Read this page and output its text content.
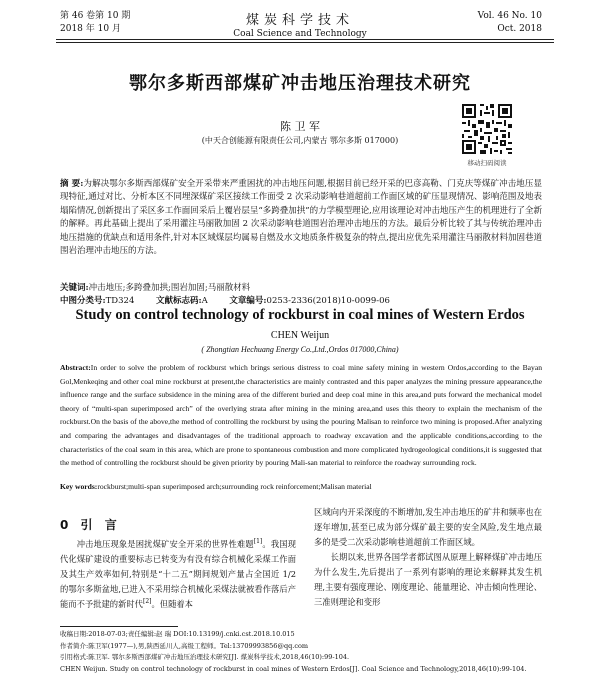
第 46 卷第 10 期
2018 年 10 月
煤炭科学技术
Coal Science and Technology
Vol. 46 No. 10
Oct. 2018
鄂尔多斯西部煤矿冲击地压治理技术研究
陈 卫 军
(中天合创能源有限责任公司,内蒙古 鄂尔多斯 017000)
移动扫码阅读
摘 要:为解决鄂尔多斯西部煤矿安全开采带来严重困扰的冲击地压问题,根据目前已经开采的巴彦高勒、门克庆等煤矿冲击地压显现特征,通过对比、分析本区不同埋深煤矿采区接续工作面受 2 次采动影响巷道超前工作面区域的矿压显现情况、影响范围及地表塌陷情况,创新提出了采区多工作面回采后上覆岩层呈“多跨叠加拱”的力学模型理论,应用该理论对冲击地压产生的机理进行了全新的解释。再此基础上提出了采用灌注马丽散加固 2 次采动影响巷道围岩治理冲击地压的方法。最后分析比较了其与传统治理冲击地压措施的优缺点和适用条件,针对本区域煤层均属易自燃及水文地质条件极复杂的特点,提出应优先采用灌注马丽散材料加固巷道围岩治理冲击地压的方法。
关键词:冲击地压;多跨叠加拱;围岩加固;马丽散材料
中图分类号:TD324	文献标志码:A	文章编号:0253-2336(2018)10-0099-06
Study on control technology of rockburst in coal mines of Western Erdos
CHEN Weijun
( Zhongtian Hechuang Energy Co.,Ltd.,Ordos 017000,China)
Abstract:In order to solve the problem of rockburst which brings serious distress to coal mine safety mining in western Ordos,according to the Bayan Gol,Menkeqing and other coal mine rockburst at present,the characteristics are mainly contrasted and this paper analyzes the mining pressure appearance,the influence range and the surface subsidence in the mining area of the different buried and deep coal mine in this area,and puts forward the mechanical model theory of “multi-span superimposed arch” of the overlying strata after mining in the mining area,and uses this theory to explain the mechanism of the rockburst.On the basis of the above,the method of controlling the rockburst by using the pouring Malisan to reinforce two mining is proposed.After analyzing and comparing the advantages and disadvantages of the traditional approach to roadway excavation and the applicable conditions,according to the characteristics of the coal seam in this area, which are prone to spontaneous combustion and more complicated hydrogeological conditions,it is suggested that the method of controlling the rockburst should be given priority by pouring Mali-san material to reinforce the roadway surrounding rock.
Key words:rockburst;multi-span superimposed arch;surrounding rock reinforcement;Malisan material
0 引 言

  冲击地压现象是困扰煤矿安全开采的世界性难题[1]。我国现代化煤矿建设的重要标志已转变为有没有综合机械化采煤工作面及其生产效率如何,特别是“十二五”期间规划产量占全国近 1/2 的鄂尔多斯盆地,已进入不采用综合机械化采煤法就被看作落后产能而不予批建的新时代[2]。但随着本

区域向内开采深度的不断增加,发生冲击地压的矿井和频率也在逐年增加,甚至已成为部分煤矿最主要的安全风险,发生地点最多的是受二次采动影响巷道超前工作面区域。

  长期以来,世界各国学者都试图从原理上解释煤矿冲击地压为什么发生,先后提出了一系列有影响的理论来解释其发生机理,主要有强度理论、刚度理论、能量理论、冲击倾向性理论、三准则理论和变形

收稿日期:2018-07-03;责任编辑:赵 瑞 DOI:10.13199/j.cnki.cst.2018.10.015
作者简介:陈卫军(1977—),男,陕西延川人,高级工程师。Tel:13709993856@qq.com
引用格式:陈卫军. 鄂尔多斯西部煤矿冲击地压治理技术研究[J]. 煤炭科学技术,2018,46(10):99-104.
CHEN Weijun. Study on control technology of rockburst in coal mines of Western Erdos[J]. Coal Science and Technology,2018,46(10):99-104.
